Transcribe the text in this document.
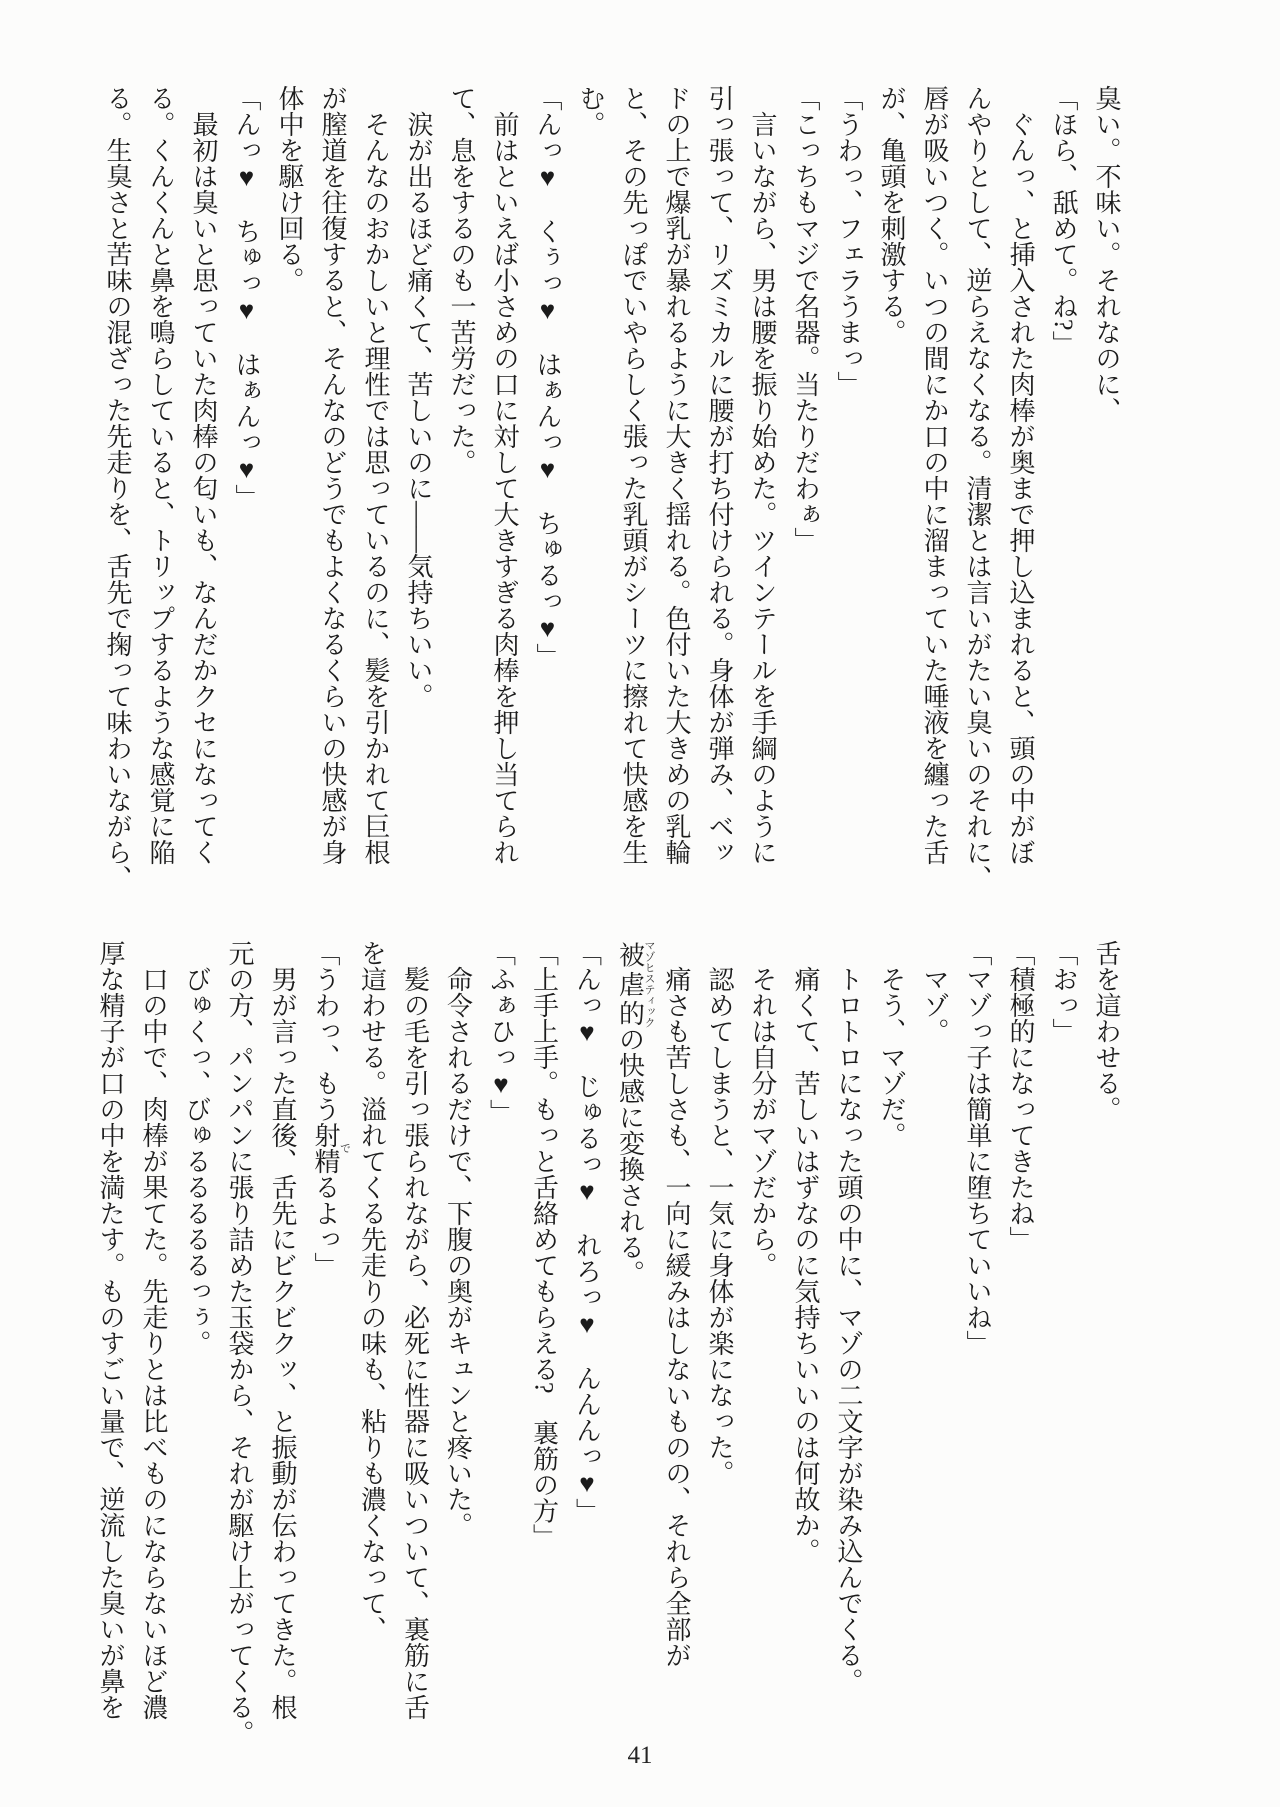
臭い。不味い。それなのに、
「ほら、舐めて。ね?」
ぐんっ、と挿入された肉棒が奥まで押し込まれると、頭の中がぼ
んやりとして、逆らえなくなる。清潔とは言いがたい臭いのそれに、
唇が吸いつく。いつの間にか口の中に溜まっていた唾液を纏った舌
が、亀頭を刺激する。
「うわっ、フェラうまっ」
「こっちもマジで名器。当たりだわぁ」
言いながら、男は腰を振り始めた。ツインテールを手綱のように
引っ張って、リズミカルに腰が打ち付けられる。身体が弾み、ベッ
ドの上で爆乳が暴れるように大きく揺れる。色付いた大きめの乳輪
と、その先っぽでいやらしく張った乳頭がシーツに擦れて快感を生
む。
「んっ♥　くぅっ♥　はぁんっ♥　ちゅるっ♥」
前はといえば小さめの口に対して大きすぎる肉棒を押し当てられ
て、息をするのも一苦労だった。
涙が出るほど痛くて、苦しいのに――気持ちいい。
そんなのおかしいと理性では思っているのに、髪を引かれて巨根
が膣道を往復すると、そんなのどうでもよくなるくらいの快感が身
体中を駆け回る。
「んっ♥　ちゅっ♥　はぁんっ♥」
最初は臭いと思っていた肉棒の匂いも、なんだかクセになってく
る。くんくんと鼻を鳴らしていると、トリップするような感覚に陥
る。生臭さと苦味の混ざった先走りを、舌先で掬って味わいながら、
舌を這わせる。
「おっ」
「積極的になってきたね」
「マゾっ子は簡単に堕ちていいね」
マゾ。
そう、マゾだ。
トロトロになった頭の中に、マゾの二文字が染み込んでくる。
痛くて、苦しいはずなのに気持ちいいのは何故か。
それは自分がマゾだから。
認めてしまうと、一気に身体が楽になった。
痛さも苦しさも、一向に緩みはしないものの、それら全部が
被虐的マゾヒスティックの快感に変換される。
「んっ♥　じゅるっ♥　れろっ♥　んんんっ♥」
「上手上手。もっと舌絡めてもらえる?　裏筋の方」
「ふぁひっ♥」
命令されるだけで、下腹の奥がキュンと疼いた。
髪の毛を引っ張られながら、必死に性器に吸いついて、裏筋に舌
を這わせる。溢れてくる先走りの味も、粘りも濃くなって、
「うわっ、もう射精でるよっ」
男が言った直後、舌先にビクビクッ、と振動が伝わってきた。根
元の方、パンパンに張り詰めた玉袋から、それが駆け上がってくる。
びゅくっ、びゅるるるるるっぅ。
口の中で、肉棒が果てた。先走りとは比べものにならないほど濃
厚な精子が口の中を満たす。ものすごい量で、逆流した臭いが鼻を
41
